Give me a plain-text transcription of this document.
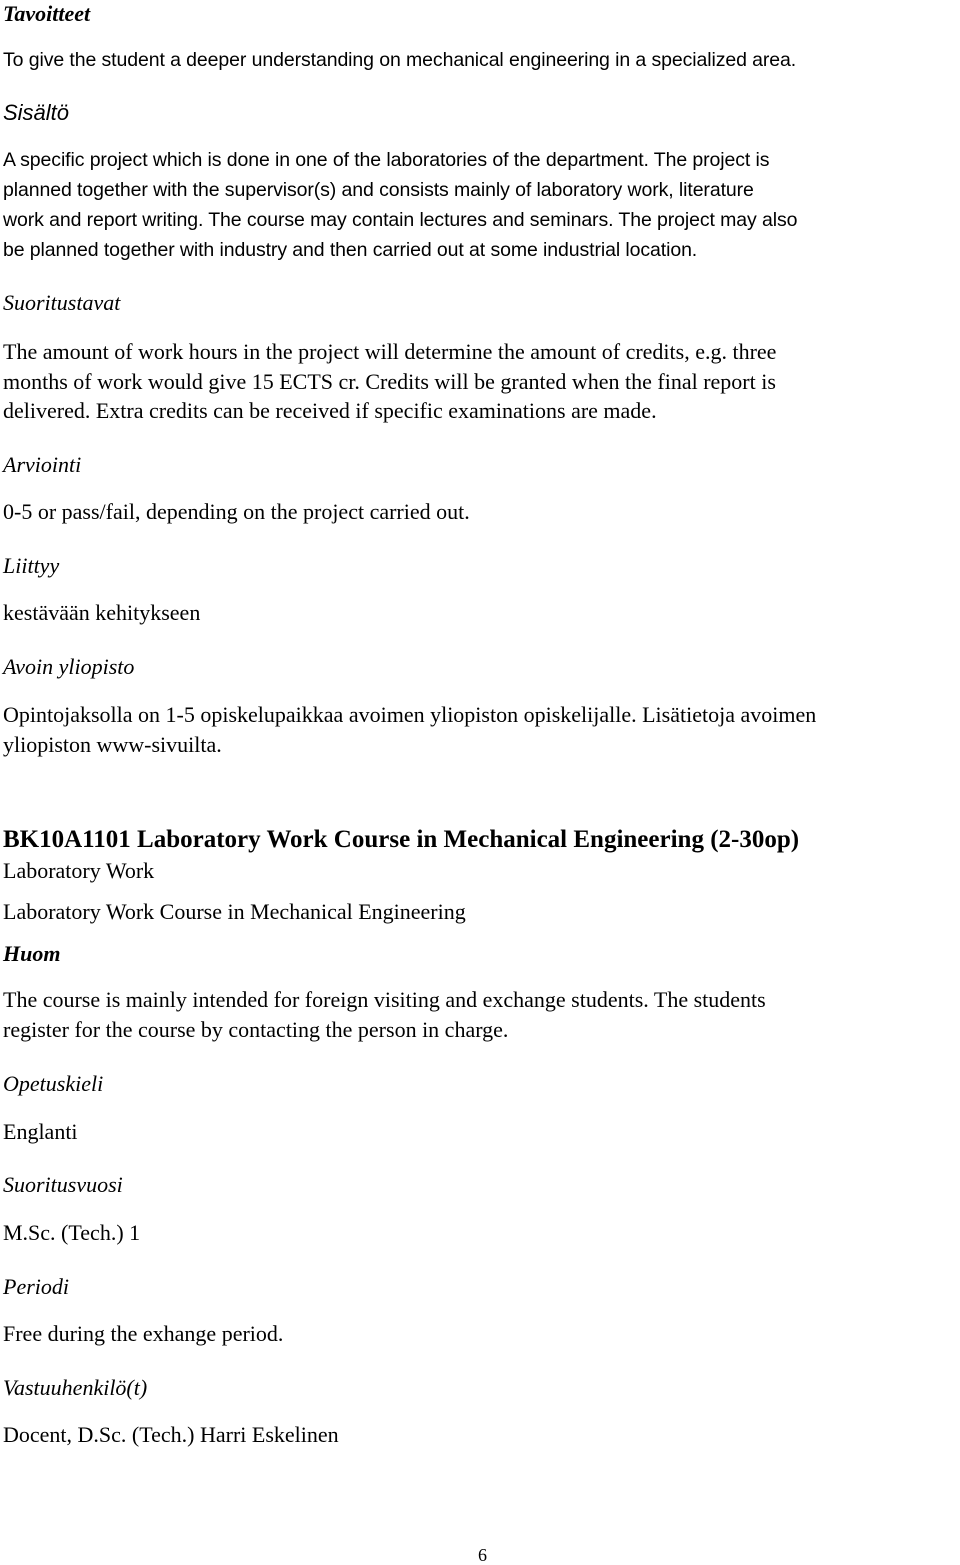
Tavoitteet

To give the student a deeper understanding on mechanical engineering in a specialized area.

Sisältö

A specific project which is done in one of the laboratories of the department. The project is
planned together with the supervisor(s) and consists mainly of laboratory work, literature
work and report writing. The course may contain lectures and seminars. The project may also
be planned together with industry and then carried out at some industrial location.

Suoritustavat

The amount of work hours in the project will determine the amount of credits, e.g. three
months of work would give 15 ECTS cr. Credits will be granted when the final report is
delivered. Extra credits can be received if specific examinations are made.

Arviointi
0-5 or pass/fail, depending on the project carried out.
Liittyy
kestävään kehitykseen
Avoin yliopisto

Opintojaksolla on 1-5 opiskelupaikkaa avoimen yliopiston opiskelijalle. Lisätietoja avoimen
yliopiston www-sivuilta.

BK10A1101 Laboratory Work Course in Mechanical Engineering (2-30op)
Laboratory Work
Laboratory Work Course in Mechanical Engineering
Huom

The course is mainly intended for foreign visiting and exchange students. The students
register for the course by contacting the person in charge.

Opetuskieli
Englanti
Suoritusvuosi
M.Sc. (Tech.) 1
Periodi
Free during the exhange period.
Vastuuhenkilö(t)
Docent, D.Sc. (Tech.) Harri Eskelinen
6
